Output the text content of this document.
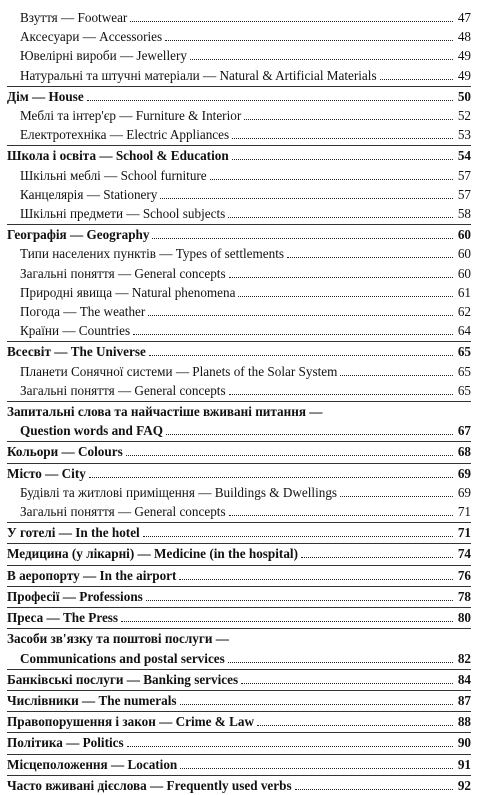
Взуття — Footwear	47
Аксесуари — Accessories	48
Ювелірні вироби — Jewellery	49
Натуральні та штучні матеріали — Natural & Artificial Materials	49
Дім — House	50
Меблі та інтер'єр — Furniture & Interior	52
Електротехніка — Electric Appliances	53
Школа і освіта — School & Education	54
Шкільні меблі — School furniture	57
Канцелярія — Stationery	57
Шкільні предмети — School subjects	58
Географія — Geography	60
Типи населених пунктів — Types of settlements	60
Загальні поняття — General concepts	60
Природні явища — Natural phenomena	61
Погода — The weather	62
Країни — Countries	64
Всесвіт — The Universe	65
Планети Сонячної системи — Planets of the Solar System	65
Загальні поняття — General concepts	65
Запитальні слова та найчастіше вживані питання —
Question words and FAQ	67
Кольори — Colours	68
Місто — City	69
Будівлі та житлові приміщення — Buildings & Dwellings	69
Загальні поняття — General concepts	71
У готелі — In the hotel	71
Медицина (у лікарні) — Medicine (in the hospital)	74
В аеропорту — In the airport	76
Професії — Professions	78
Преса — The Press	80
Засоби зв'язку та поштові послуги —
Communications and postal services	82
Банківські послуги — Banking services	84
Числівники — The numerals	87
Правопорушення і закон — Crime & Law	88
Політика — Politics	90
Місцеположення — Location	91
Часто вживані дієслова — Frequently used verbs	92
